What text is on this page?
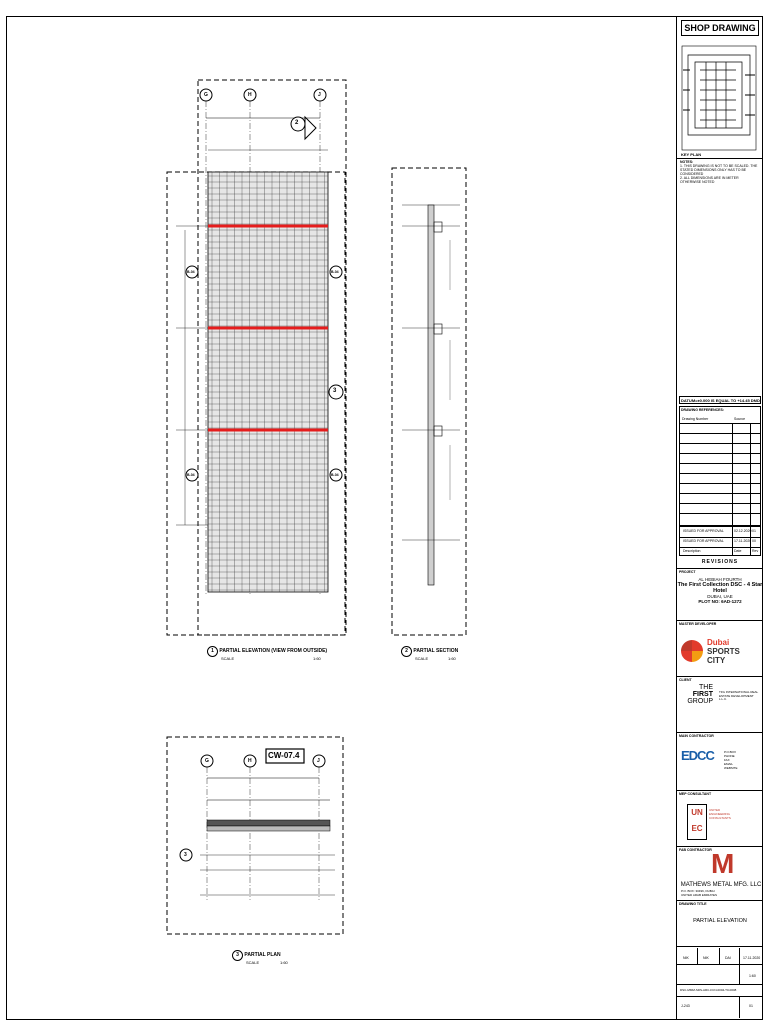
1 PARTIAL ELEVATION (VIEW FROM OUTSIDE)
SCALE	1:60
2 PARTIAL SECTION
SCALE	1:60
3 PARTIAL PLAN
SCALE	1:60
G	H	J
2
3
B-04
B-04
B-04
B-04
G	H	J
3
CW-07.4
SHOP DRAWING
KEY PLAN
NOTES:
1. THIS DRAWING IS NOT TO BE SCALED. THE STATED DIMENSIONS ONLY HAS TO BE CONSIDERED
2. ALL DIMENSIONS ARE IN METER OTHERWISE NOTED
DATUM=±0.000 IS EQUAL TO +14.45 DMD
DRAWING REFERENCES:
Drawing Number	Source
ISSUED FOR APPROVAL	02.12.2020 01
ISSUED FOR APPROVAL	17.11.2020 00
Description	Date	Rev
REVISIONS
PROJECT
AL HEBIAH FOURTH
The First Collection DSC - 4 Star Hotel
DUBAI, UAE
PLOT NO: 6AD-1272
MASTER DEVELOPER
Dubai
SPORTS
CITY
CLIENT
THE
FIRST
GROUP
TFG INTERNATIONAL REAL ESTATE DEVELOPMENT L.L.C.
MAIN CONTRACTOR
EDCC	P.O.BOX
PHONE
FAX
EMAIL
WEBSITE
MEP CONSULTANT
UN
EC
UNITED
ENGINEERING
CONSULTANTS
FAB CONTRACTOR M
MATHEWS METAL MFG. LLC
P.O. BOX: 30496, DUBAI
UNITED ARAB EMIRATES
DRAWING TITLE
PARTIAL ELEVATION
NIK	NIK	DAI	17.11.2020
1:60
DSC-MMM-SDS-ARC-FCN-0004-T0-0008
J-243	01
